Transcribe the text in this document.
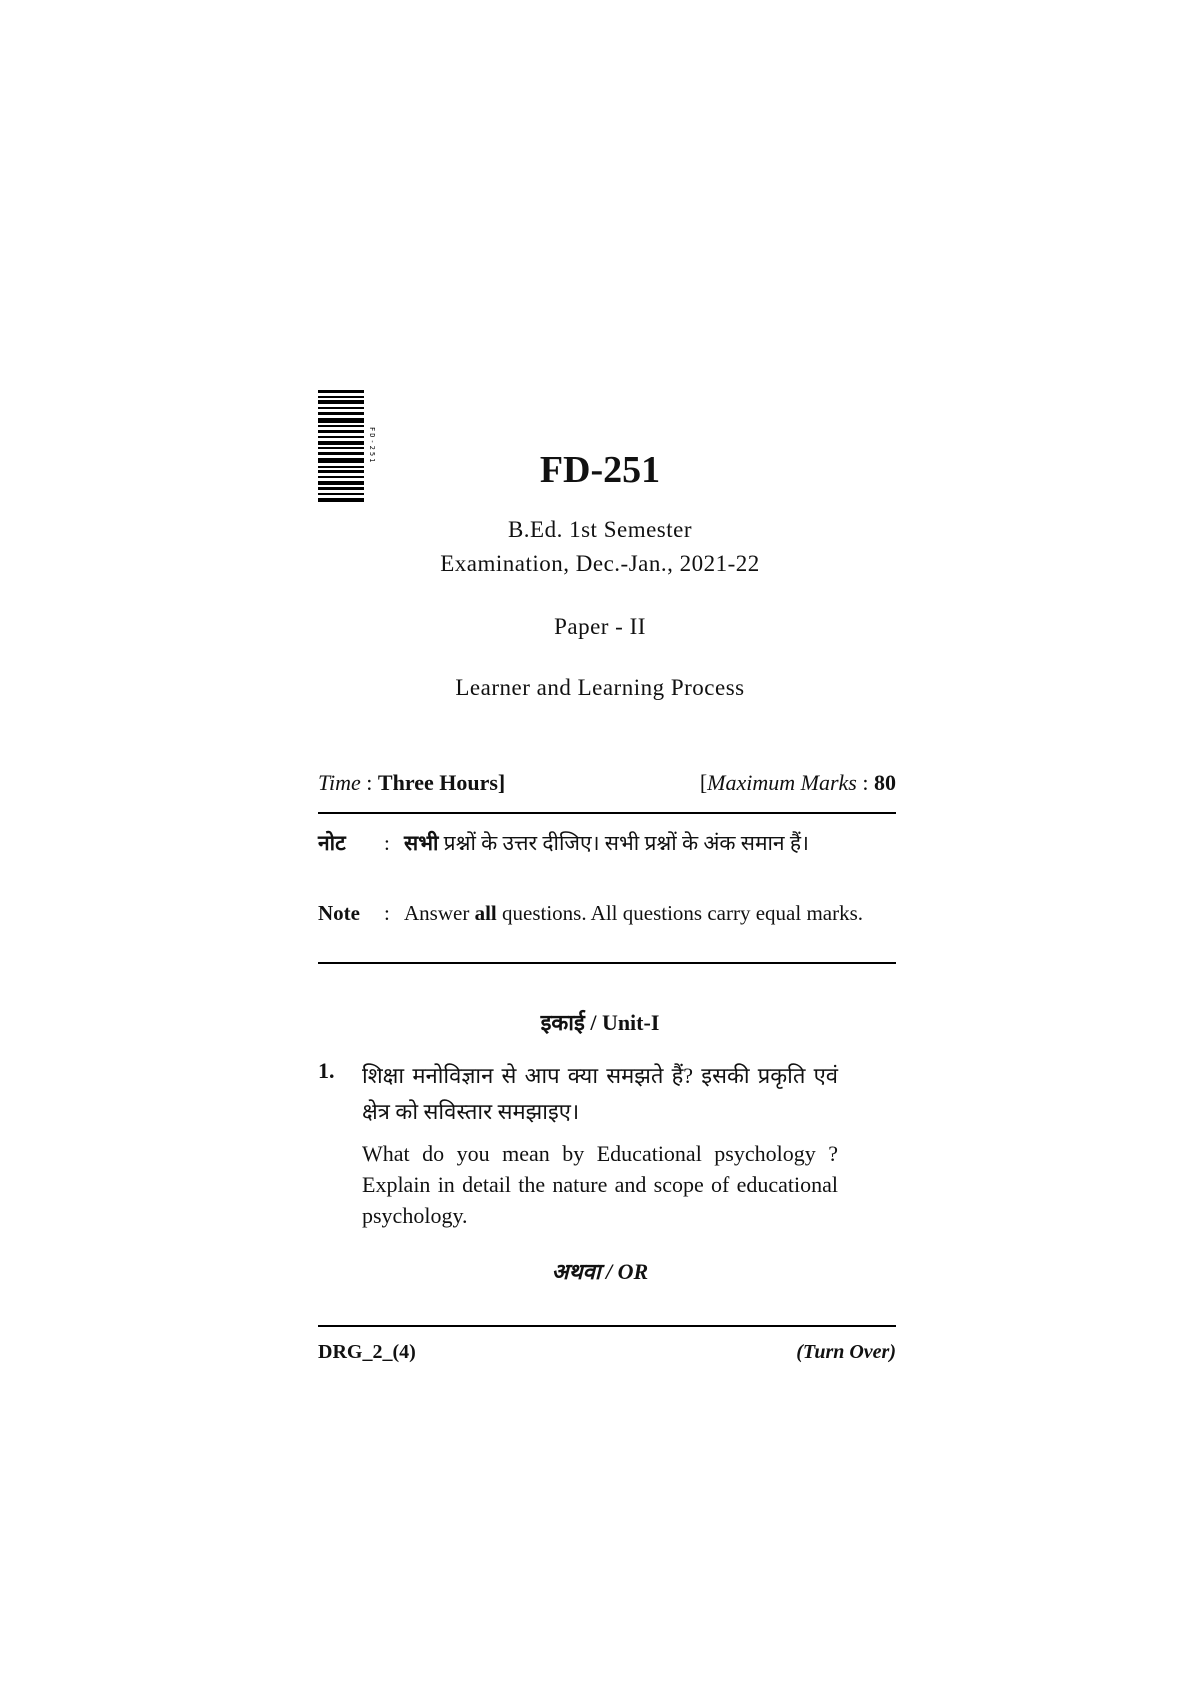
FD-251
FD-251
B.Ed. 1st Semester
Examination, Dec.-Jan., 2021-22
Paper - II
Learner and Learning Process
Time : Three Hours]	[Maximum Marks : 80
नोट : सभी प्रश्नों के उत्तर दीजिए। सभी प्रश्नों के अंक समान हैं।
Note : Answer all questions. All questions carry equal marks.
इकाई / Unit-I
1. शिक्षा मनोविज्ञान से आप क्या समझते हैं? इसकी प्रकृति एवं क्षेत्र को सविस्तार समझाइए।
What do you mean by Educational psychology ? Explain in detail the nature and scope of educational psychology.
अथवा / OR
DRG_2_(4)	(Turn Over)
